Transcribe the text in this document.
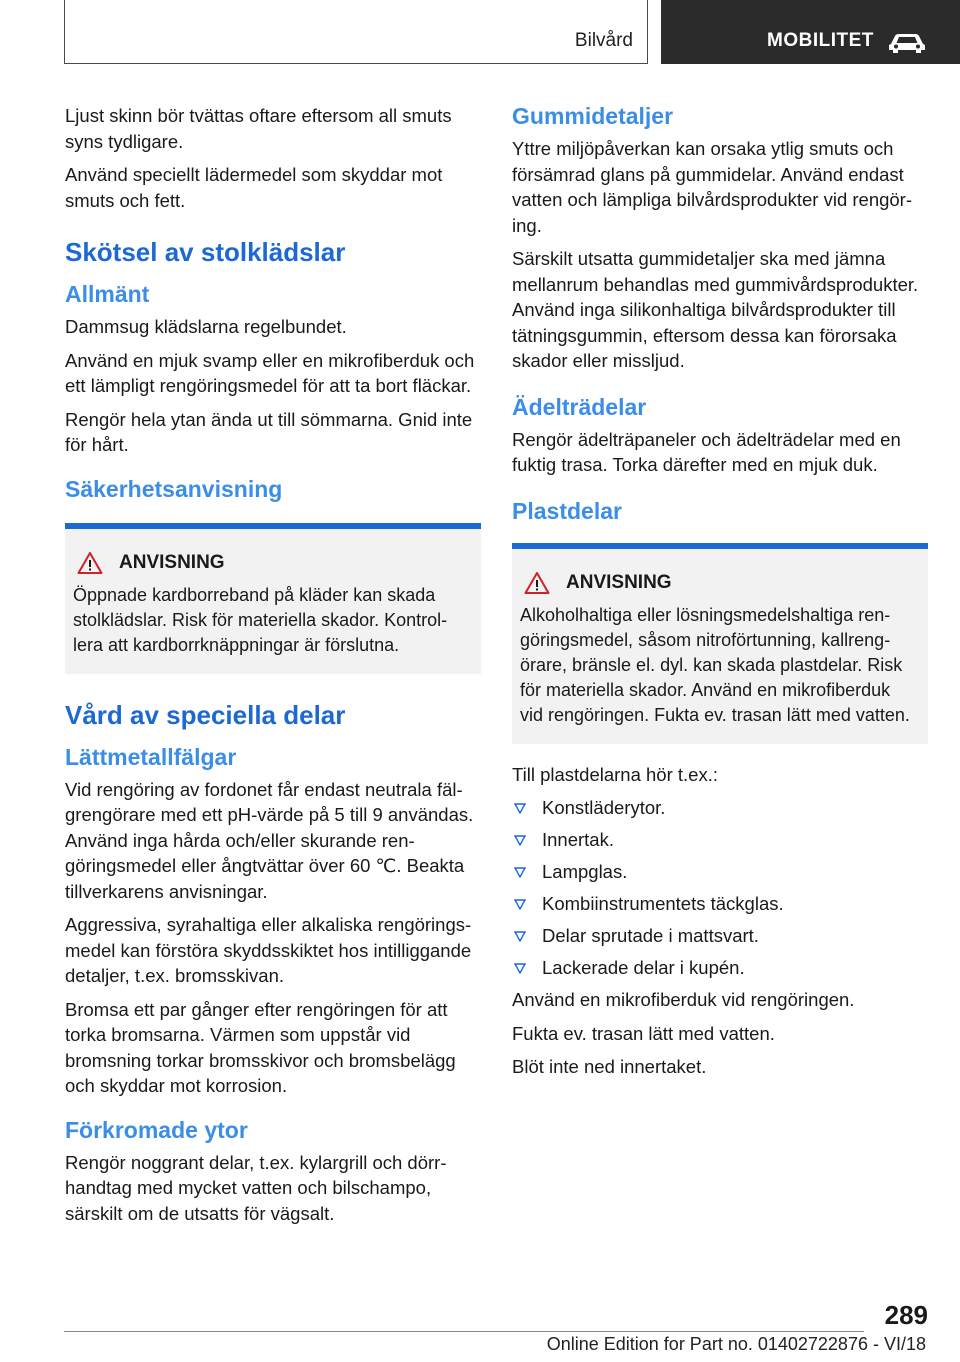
Bilvård	MOBILITET

Ljust skinn bör tvättas oftare eftersom all smuts syns tydligare.

Använd speciellt lädermedel som skyddar mot smuts och fett.

Skötsel av stolklädslar
Allmänt

Dammsug klädslarna regelbundet.

Använd en mjuk svamp eller en mikrofiberduk och ett lämpligt rengöringsmedel för att ta bort fläckar.

Rengör hela ytan ända ut till sömmarna. Gnid inte för hårt.

Säkerhetsanvisning
ANVISNING

Öppnade kardborreband på kläder kan skada stolklädslar. Risk för materiella skador. Kontrollera att kardborrknäppningar är förslutna.

Vård av speciella delar
Lättmetallfälgar

Vid rengöring av fordonet får endast neutrala fälgrengörare med ett pH-värde på 5 till 9 användas. Använd inga hårda och/eller skurande rengöringsmedel eller ångtvättar över 60 ℃. Beakta tillverkarens anvisningar.

Aggressiva, syrahaltiga eller alkaliska rengöringsmedel kan förstöra skyddsskiktet hos intilliggande detaljer, t.ex. bromsskivan.

Bromsa ett par gånger efter rengöringen för att torka bromsarna. Värmen som uppstår vid bromsning torkar bromsskivor och bromsbelägg och skyddar mot korrosion.

Förkromade ytor

Rengör noggrant delar, t.ex. kylargrill och dörrhandtag med mycket vatten och bilschampo, särskilt om de utsatts för vägsalt.

Gummidetaljer

Yttre miljöpåverkan kan orsaka ytlig smuts och försämrad glans på gummidelar. Använd endast vatten och lämpliga bilvårdsprodukter vid rengöring.

Särskilt utsatta gummidetaljer ska med jämna mellanrum behandlas med gummivårdsprodukter. Använd inga silikonhaltiga bilvårdsprodukter till tätningsgummin, eftersom dessa kan förorsaka skador eller missljud.

Ädelträdelar

Rengör ädelträpaneler och ädelträdelar med en fuktig trasa. Torka därefter med en mjuk duk.

Plastdelar
ANVISNING

Alkoholhaltiga eller lösningsmedelshaltiga rengöringsmedel, såsom nitroförtunning, kallrengörare, bränsle el. dyl. kan skada plastdelar. Risk för materiella skador. Använd en mikrofiberduk vid rengöringen. Fukta ev. trasan lätt med vatten.

Till plastdelarna hör t.ex.:

Konstläderytor.
Innertak.
Lampglas.
Kombiinstrumentets täckglas.
Delar sprutade i mattsvart.
Lackerade delar i kupén.

Använd en mikrofiberduk vid rengöringen.

Fukta ev. trasan lätt med vatten.

Blöt inte ned innertaket.

289
Online Edition for Part no. 01402722876 - VI/18
